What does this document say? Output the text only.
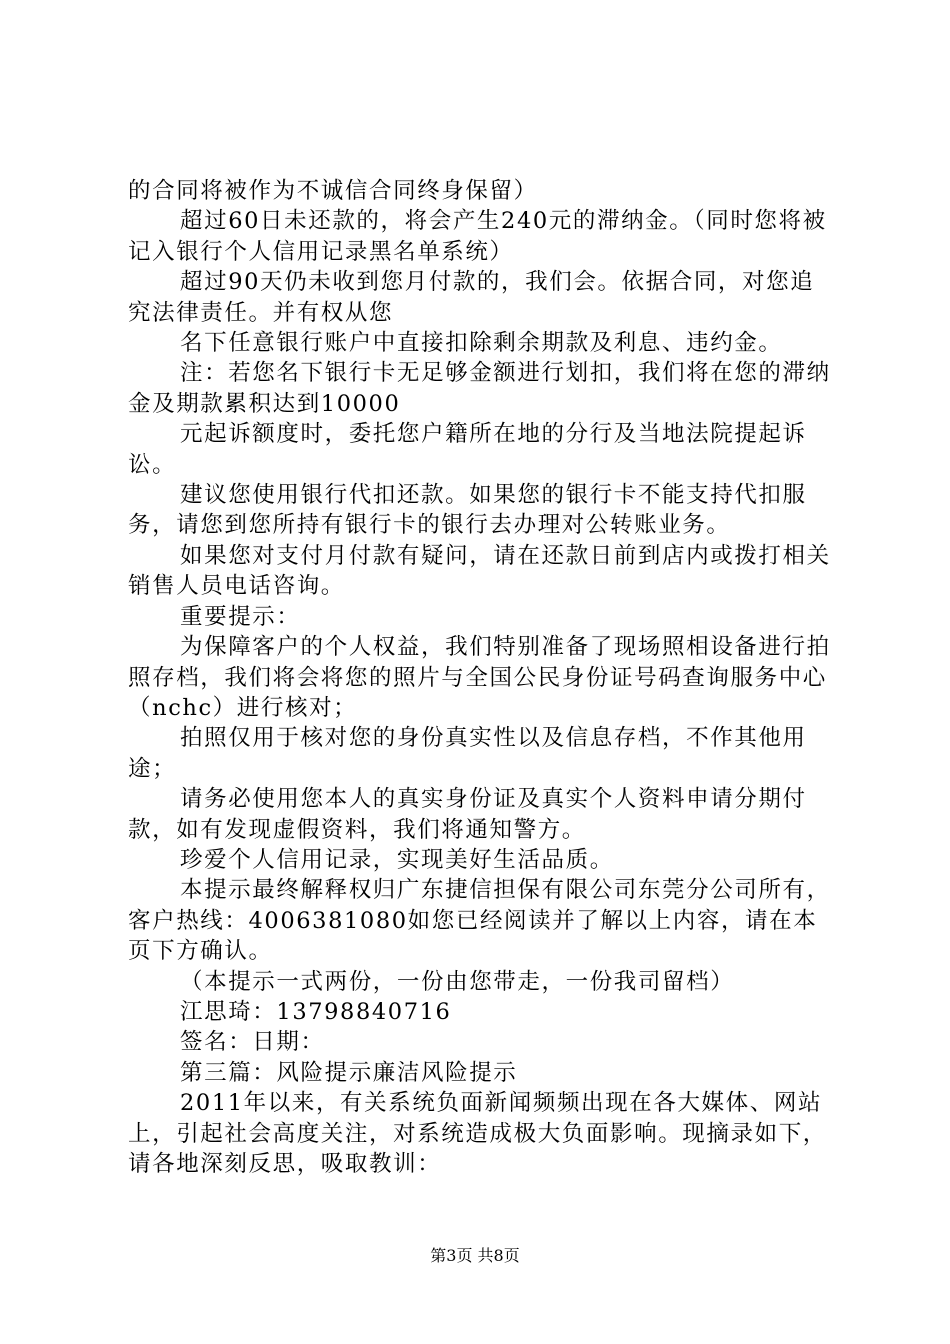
的合同将被作为不诚信合同终身保留）

超过60日未还款的，将会产生240元的滞纳金。（同时您将被记入银行个人信用记录黑名单系统）

超过90天仍未收到您月付款的，我们会。依据合同，对您追究法律责任。并有权从您

名下任意银行账户中直接扣除剩余期款及利息、违约金。

注：若您名下银行卡无足够金额进行划扣，我们将在您的滞纳金及期款累积达到10000

元起诉额度时，委托您户籍所在地的分行及当地法院提起诉讼。

建议您使用银行代扣还款。如果您的银行卡不能支持代扣服务，请您到您所持有银行卡的银行去办理对公转账业务。

如果您对支付月付款有疑问，请在还款日前到店内或拨打相关销售人员电话咨询。

重要提示：

为保障客户的个人权益，我们特别准备了现场照相设备进行拍照存档，我们将会将您的照片与全国公民身份证号码查询服务中心（nchc）进行核对；

拍照仅用于核对您的身份真实性以及信息存档，不作其他用途；

请务必使用您本人的真实身份证及真实个人资料申请分期付款，如有发现虚假资料，我们将通知警方。

珍爱个人信用记录，实现美好生活品质。

本提示最终解释权归广东捷信担保有限公司东莞分公司所有，客户热线：4006381080如您已经阅读并了解以上内容，请在本页下方确认。

（本提示一式两份，一份由您带走，一份我司留档）

江思琦：13798840716

签名：日期：

第三篇：风险提示廉洁风险提示

2011年以来，有关系统负面新闻频频出现在各大媒体、网站上，引起社会高度关注，对系统造成极大负面影响。现摘录如下，请各地深刻反思，吸取教训：

第3页 共8页
